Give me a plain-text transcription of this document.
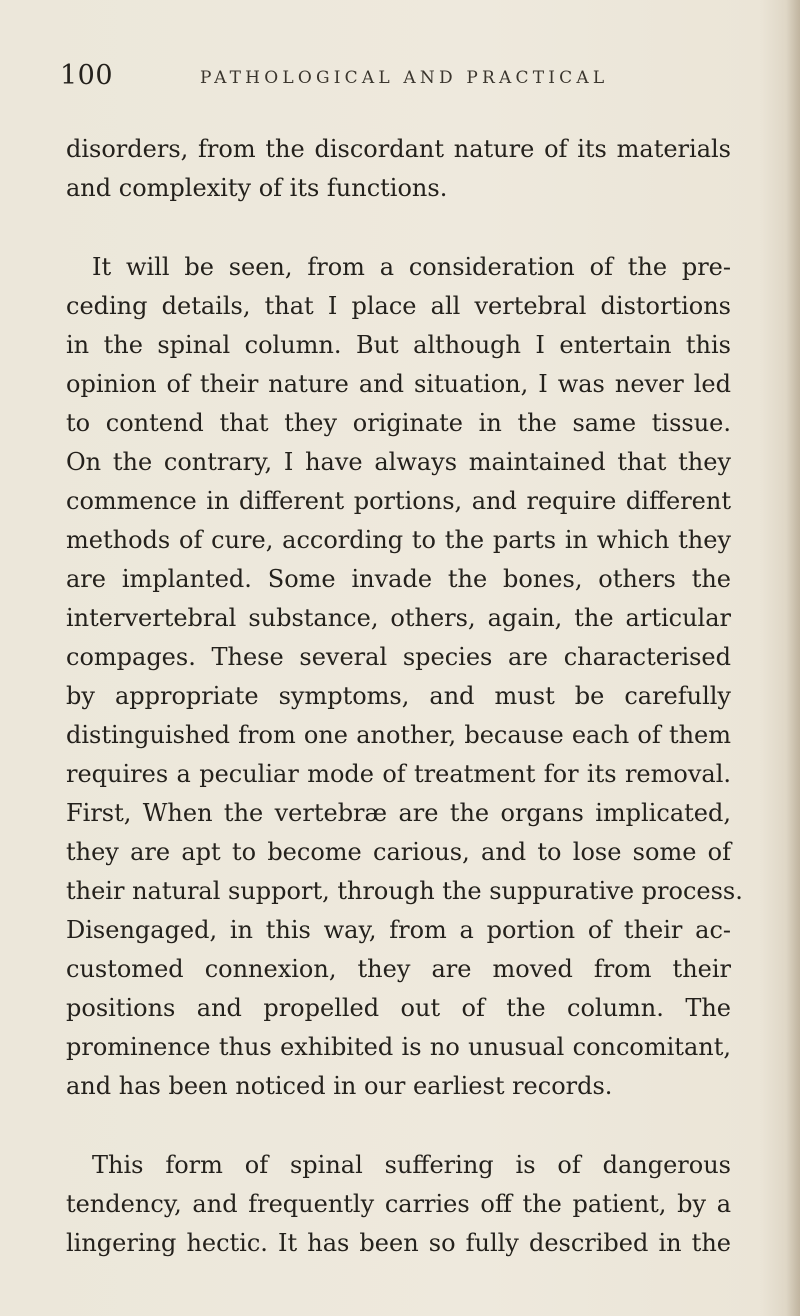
100	PATHOLOGICAL AND PRACTICAL
disorders, from the discordant nature of its materials
and complexity of its functions.
It will be seen, from a consideration of the pre-
ceding details, that I place all vertebral distortions
in the spinal column. But although I entertain this
opinion of their nature and situation, I was never led
to contend that they originate in the same tissue.
On the contrary, I have always maintained that they
commence in different portions, and require different
methods of cure, according to the parts in which they
are implanted. Some invade the bones, others the
intervertebral substance, others, again, the articular
compages. These several species are characterised
by appropriate symptoms, and must be carefully
distinguished from one another, because each of them
requires a peculiar mode of treatment for its removal.
First, When the vertebræ are the organs implicated,
they are apt to become carious, and to lose some of
their natural support, through the suppurative process.
Disengaged, in this way, from a portion of their ac-
customed connexion, they are moved from their
positions and propelled out of the column. The
prominence thus exhibited is no unusual concomitant,
and has been noticed in our earliest records.
This form of spinal suffering is of dangerous
tendency, and frequently carries off the patient, by a
lingering hectic. It has been so fully described in the
